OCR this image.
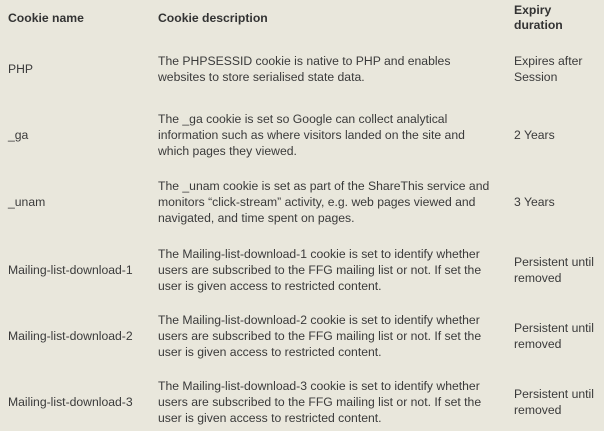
Cookie name	Cookie description	Expiry duration
PHP	The PHPSESSID cookie is native to PHP and enables websites to store serialised state data.	Expires after Session
_ga	The _ga cookie is set so Google can collect analytical information such as where visitors landed on the site and which pages they viewed.	2 Years
_unam	The _unam cookie is set as part of the ShareThis service and monitors “click-stream” activity, e.g. web pages viewed and navigated, and time spent on pages.	3 Years
Mailing-list-download-1	The Mailing-list-download-1 cookie is set to identify whether users are subscribed to the FFG mailing list or not. If set the user is given access to restricted content.	Persistent until removed
Mailing-list-download-2	The Mailing-list-download-2 cookie is set to identify whether users are subscribed to the FFG mailing list or not. If set the user is given access to restricted content.	Persistent until removed
Mailing-list-download-3	The Mailing-list-download-3 cookie is set to identify whether users are subscribed to the FFG mailing list or not. If set the user is given access to restricted content.	Persistent until removed
